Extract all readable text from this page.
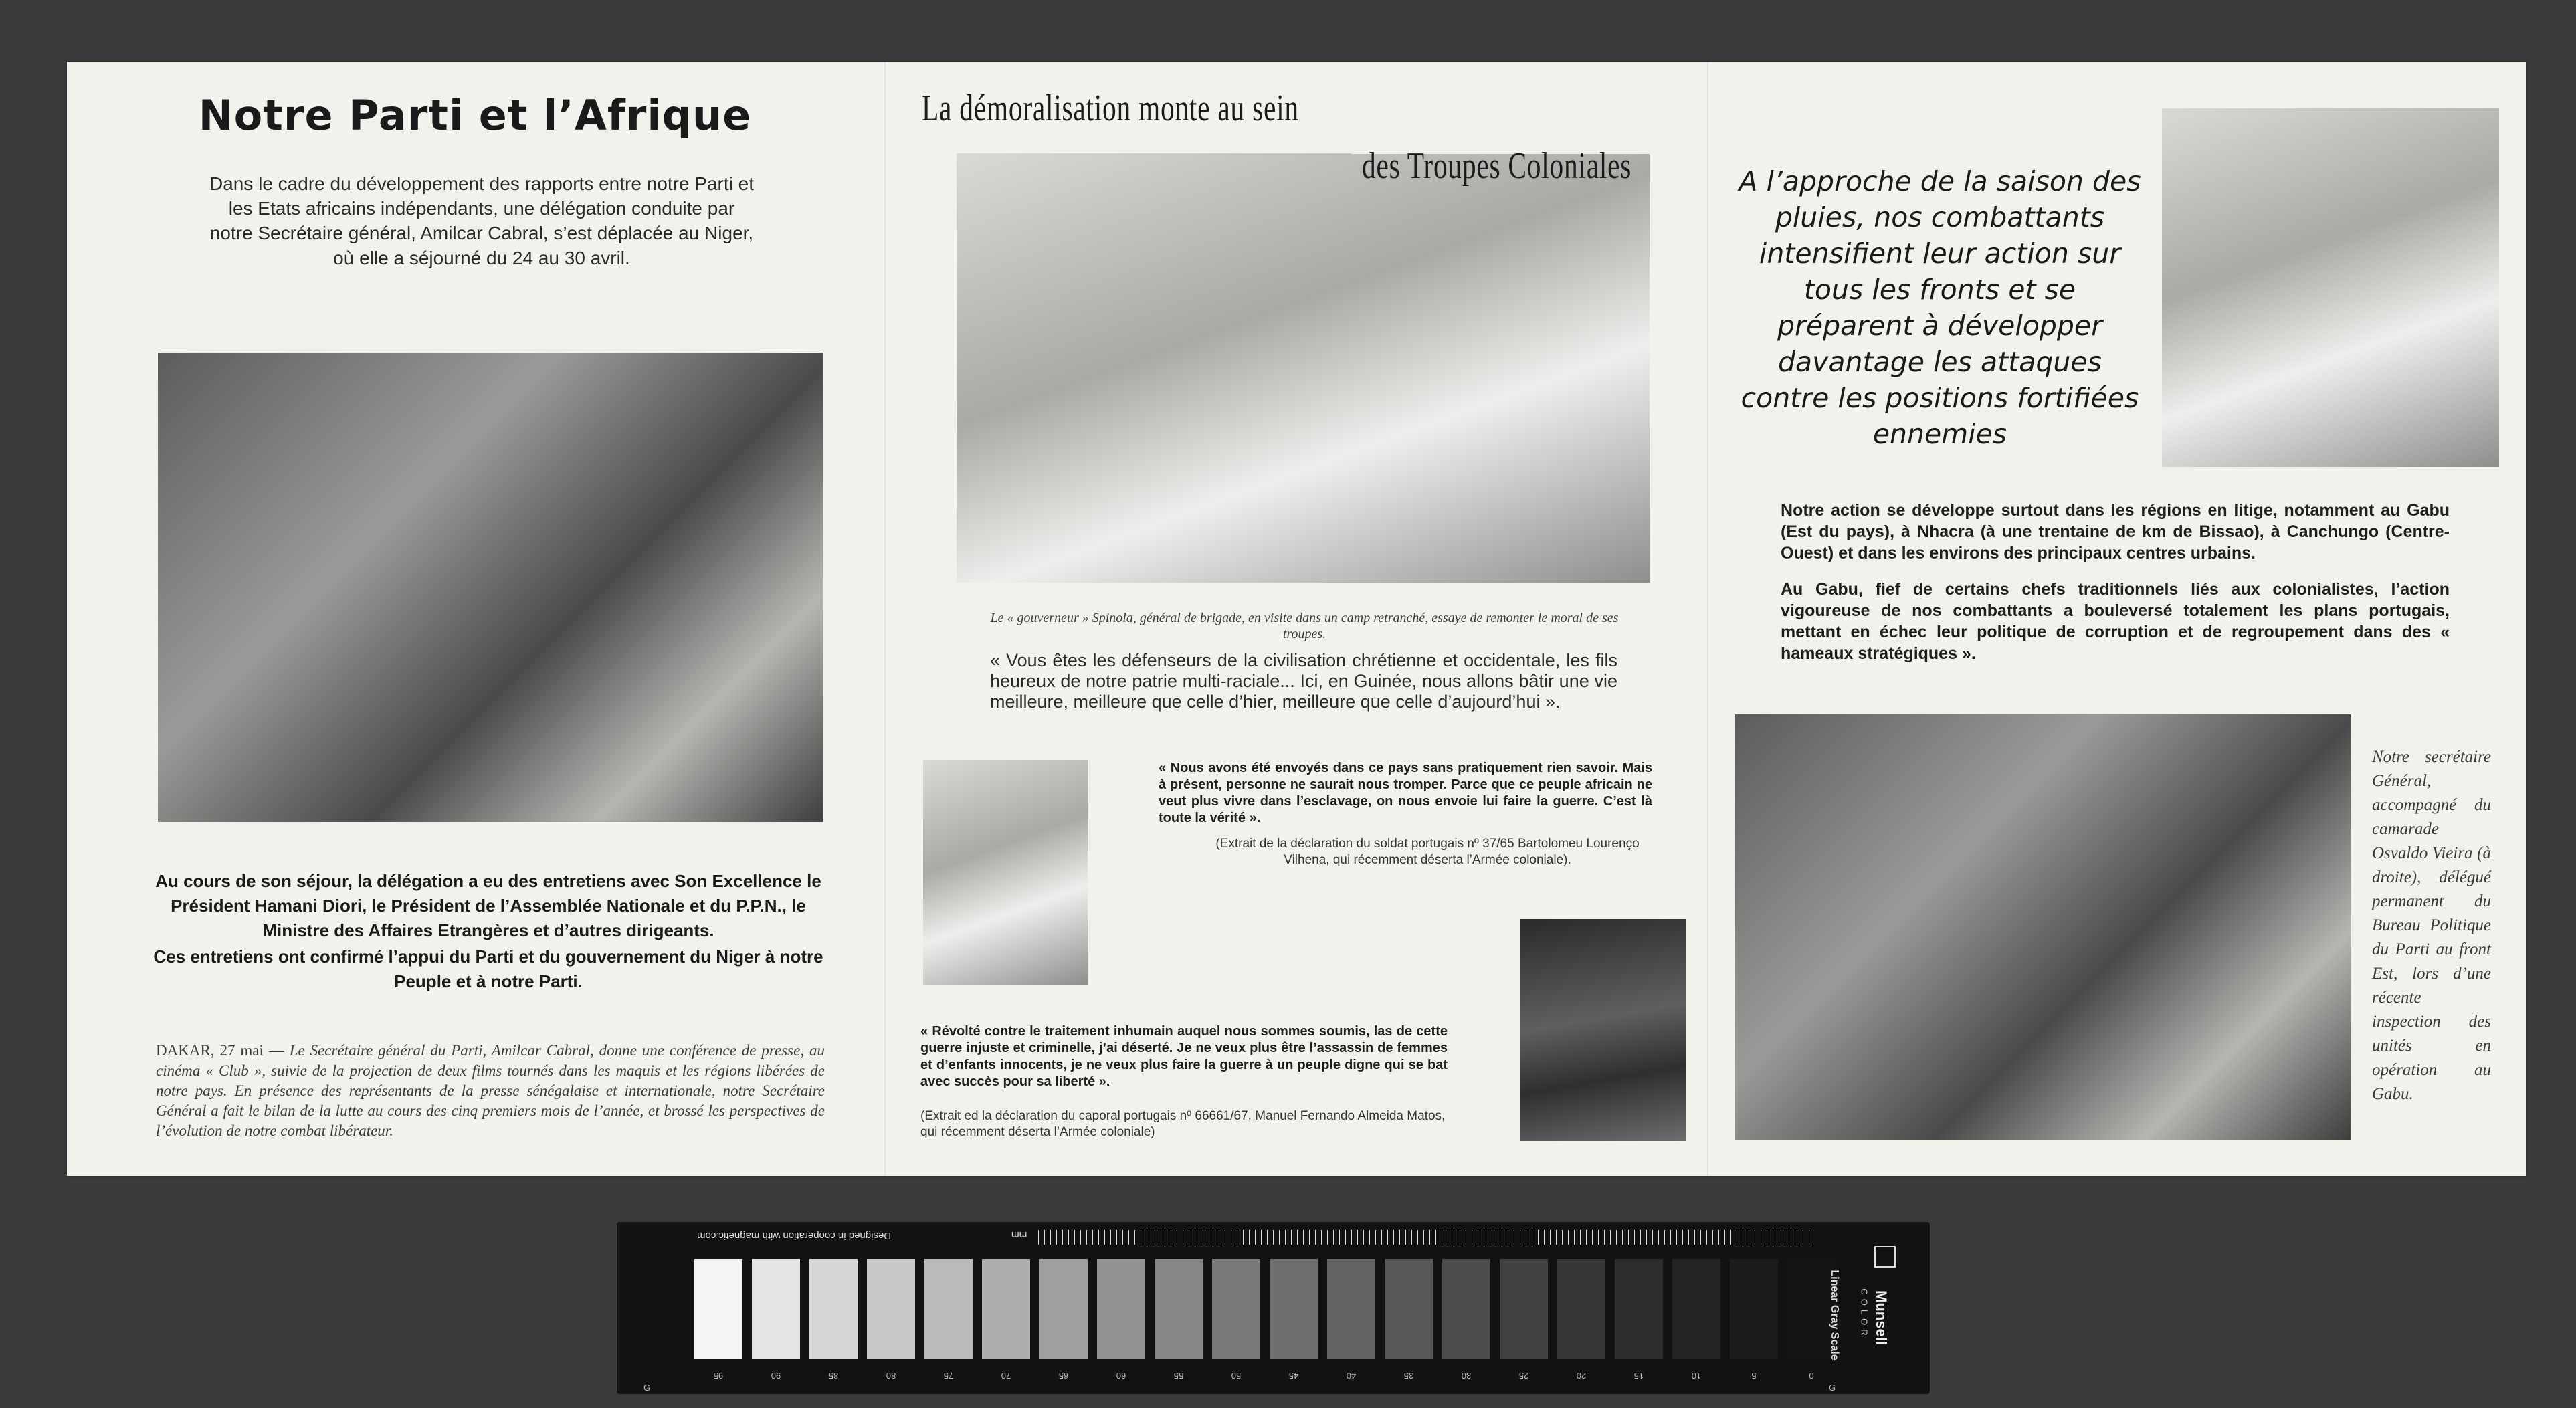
Notre Parti et l’Afrique
Dans le cadre du développement des rapports entre notre Parti et les Etats africains indépendants, une délégation conduite par notre Secrétaire général, Amilcar Cabral, s’est déplacée au Niger, où elle a séjourné du 24 au 30 avril.
Au cours de son séjour, la délégation a eu des entretiens avec Son Excellence le Président Hamani Diori, le Président de l’Assemblée Nationale et du P.P.N., le Ministre des Affaires Etrangères et d’autres dirigeants.
Ces entretiens ont confirmé l’appui du Parti et du gouvernement du Niger à notre Peuple et à notre Parti.
DAKAR, 27 mai — Le Secrétaire général du Parti, Amilcar Cabral, donne une conférence de presse, au cinéma « Club », suivie de la projection de deux films tournés dans les maquis et les régions libérées de notre pays. En présence des représentants de la presse sénégalaise et internationale, notre Secrétaire Général a fait le bilan de la lutte au cours des cinq premiers mois de l’année, et brossé les perspectives de l’évolution de notre combat libérateur.
La démoralisation monte au sein
des Troupes Coloniales
Le « gouverneur » Spinola, général de brigade, en visite dans un camp retranché, essaye de remonter le moral de ses troupes.
« Vous êtes les défenseurs de la civilisation chrétienne et occidentale, les fils heureux de notre patrie multi-raciale... Ici, en Guinée, nous allons bâtir une vie meilleure, meilleure que celle d’hier, meilleure que celle d’aujourd’hui ».
« Nous avons été envoyés dans ce pays sans pratiquement rien savoir. Mais à présent, personne ne saurait nous tromper. Parce que ce peuple africain ne veut plus vivre dans l’esclavage, on nous envoie lui faire la guerre. C’est là toute la vérité ».
(Extrait de la déclaration du soldat portugais nº 37/65 Bartolomeu Lourenço Vilhena, qui récemment déserta l’Armée coloniale).
« Révolté contre le traitement inhumain auquel nous sommes soumis, las de cette guerre injuste et criminelle, j’ai déserté. Je ne veux plus être l’assassin de femmes et d’enfants innocents, je ne veux plus faire la guerre à un peuple digne qui se bat avec succès pour sa liberté ».
(Extrait ed la déclaration du caporal portugais nº 66661/67, Manuel Fernando Almeida Matos, qui récemment déserta l’Armée coloniale)
A l’approche de la saison des pluies, nos combattants intensifient leur action sur tous les fronts et se préparent à développer davantage les attaques contre les positions fortifiées ennemies
Notre action se développe surtout dans les régions en litige, notamment au Gabu (Est du pays), à Nhacra (à une trentaine de km de Bissao), à Canchungo (Centre-Ouest) et dans les environs des principaux centres urbains.
Au Gabu, fief de certains chefs traditionnels liés aux colonialistes, l’action vigoureuse de nos combattants a bouleversé totalement les plans portugais, mettant en échec leur politique de corruption et de regroupement dans des « hameaux stratégiques ».
Notre secrétaire Général, accompagné du camarade Osvaldo Vieira (à droite), délégué permanent du Bureau Politique du Parti au front Est, lors d’une récente inspection des unités en opération au Gabu.
mm
Designed in cooperation with magnetic.com
95	90	85	80	75	70	65	60	55	50	45	40	35	30	25	20	15	10	5	0
G	G
Munsell
COLOR
Linear Gray Scale
